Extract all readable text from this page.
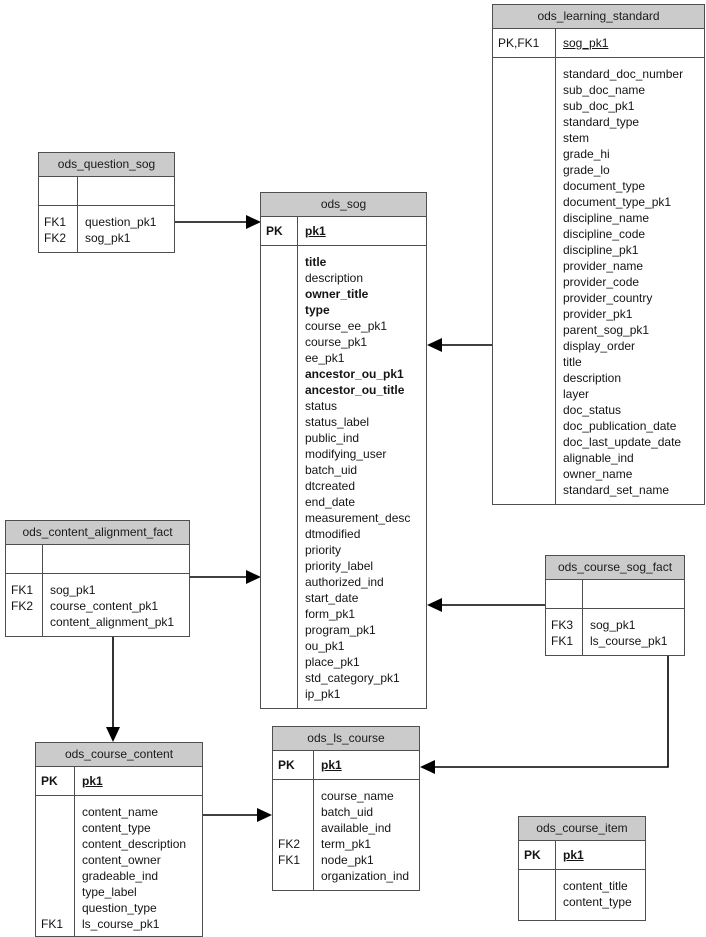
ods_learning_standard
PK,FK1	sog_pk1
standard_doc_number
sub_doc_name
sub_doc_pk1
standard_type
stem
grade_hi
grade_lo
document_type
document_type_pk1
discipline_name
discipline_code
discipline_pk1
provider_name
provider_code
provider_country
provider_pk1
parent_sog_pk1
display_order
title
description
layer
doc_status
doc_publication_date
doc_last_update_date
alignable_ind
owner_name
standard_set_name
ods_question_sog
FK1	question_pk1
FK2	sog_pk1
ods_sog
PK	pk1
title
description
owner_title
type
course_ee_pk1
course_pk1
ee_pk1
ancestor_ou_pk1
ancestor_ou_title
status
status_label
public_ind
modifying_user
batch_uid
dtcreated
end_date
measurement_desc
dtmodified
priority
priority_label
authorized_ind
start_date
form_pk1
program_pk1
ou_pk1
place_pk1
std_category_pk1
ip_pk1
ods_content_alignment_fact
FK1	sog_pk1
FK2	course_content_pk1
content_alignment_pk1
ods_course_sog_fact
FK3	sog_pk1
FK1	ls_course_pk1
ods_course_content
PK	pk1
content_name
content_type
content_description
content_owner
gradeable_ind
type_label
question_type
FK1	ls_course_pk1
ods_ls_course
PK	pk1
course_name
batch_uid
available_ind
FK2	term_pk1
FK1	node_pk1
organization_ind
ods_course_item
PK	pk1
content_title
content_type
